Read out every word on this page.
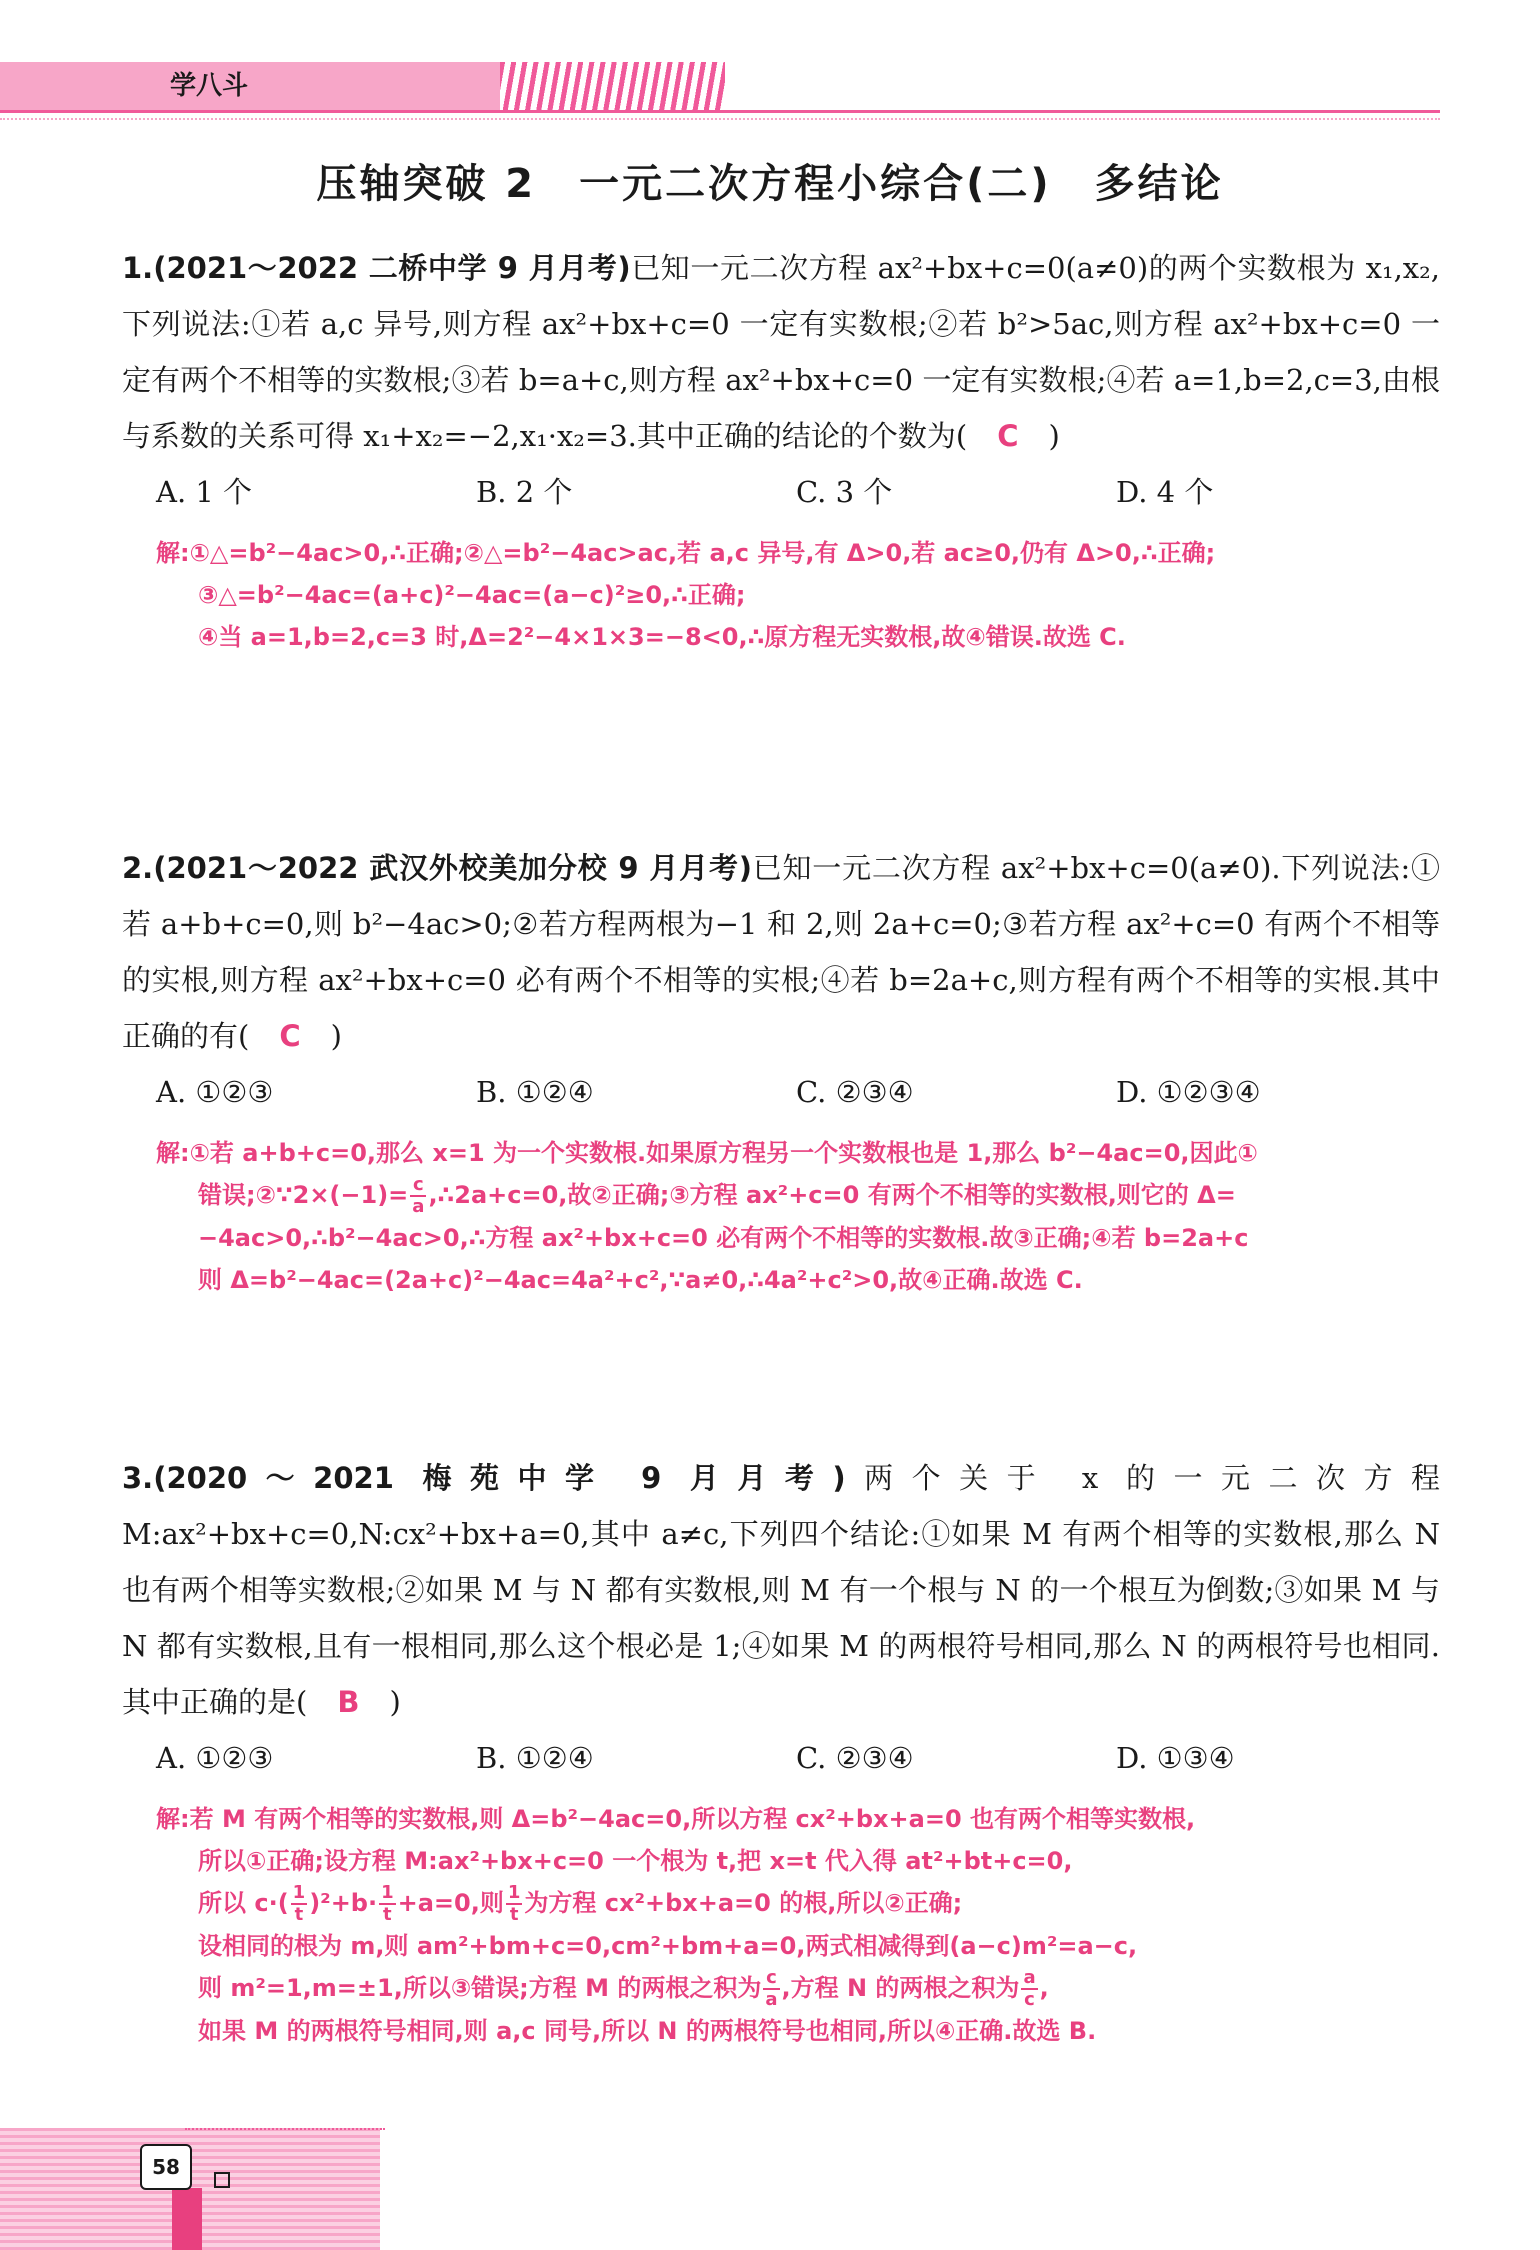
学八斗
压轴突破 2　一元二次方程小综合(二)　多结论
1.(2021～2022 二桥中学 9 月月考)已知一元二次方程 ax²+bx+c=0(a≠0)的两个实数根为 x₁,x₂,下列说法:①若 a,c 异号,则方程 ax²+bx+c=0 一定有实数根;②若 b²>5ac,则方程 ax²+bx+c=0 一定有两个不相等的实数根;③若 b=a+c,则方程 ax²+bx+c=0 一定有实数根;④若 a=1,b=2,c=3,由根与系数的关系可得 x₁+x₂=−2,x₁·x₂=3.其中正确的结论的个数为( C )
A. 1 个	B. 2 个	C. 3 个	D. 4 个

解:①△=b²−4ac>0,∴正确;②△=b²−4ac>ac,若 a,c 异号,有 Δ>0,若 ac≥0,仍有 Δ>0,∴正确;

③△=b²−4ac=(a+c)²−4ac=(a−c)²≥0,∴正确;

④当 a=1,b=2,c=3 时,Δ=2²−4×1×3=−8<0,∴原方程无实数根,故④错误.故选 C.

2.(2021～2022 武汉外校美加分校 9 月月考)已知一元二次方程 ax²+bx+c=0(a≠0).下列说法:①若 a+b+c=0,则 b²−4ac>0;②若方程两根为−1 和 2,则 2a+c=0;③若方程 ax²+c=0 有两个不相等的实根,则方程 ax²+bx+c=0 必有两个不相等的实根;④若 b=2a+c,则方程有两个不相等的实根.其中正确的有( C )
A. ①②③	B. ①②④	C. ②③④	D. ①②③④

解:①若 a+b+c=0,那么 x=1 为一个实数根.如果原方程另一个实数根也是 1,那么 b²−4ac=0,因此①

错误;②∵2×(−1)= $\frac{c}{a}$ ,∴2a+c=0,故②正确;③方程 ax²+c=0 有两个不相等的实数根,则它的 Δ=

−4ac>0,∴b²−4ac>0,∴方程 ax²+bx+c=0 必有两个不相等的实数根.故③正确;④若 b=2a+c

则 Δ=b²−4ac=(2a+c)²−4ac=4a²+c²,∵a≠0,∴4a²+c²>0,故④正确.故选 C.

3.(2020～2021 梅苑中学 9 月月考)两个关于 x 的一元二次方程 M:ax²+bx+c=0,N:cx²+bx+a=0,其中 a≠c,下列四个结论:①如果 M 有两个相等的实数根,那么 N 也有两个相等实数根;②如果 M 与 N 都有实数根,则 M 有一个根与 N 的一个根互为倒数;③如果 M 与 N 都有实数根,且有一根相同,那么这个根必是 1;④如果 M 的两根符号相同,那么 N 的两根符号也相同.其中正确的是( B )
A. ①②③	B. ①②④	C. ②③④	D. ①③④

解:若 M 有两个相等的实数根,则 Δ=b²−4ac=0,所以方程 cx²+bx+a=0 也有两个相等实数根,

所以①正确;设方程 M:ax²+bx+c=0 一个根为 t,把 x=t 代入得 at²+bt+c=0,

所以 $c\cdot( \frac{1}{t} )^2+b\cdot \frac{1}{t} +a=0$,则 $\frac{1}{t}$ 为方程 cx²+bx+a=0 的根,所以②正确;

设相同的根为 m,则 am²+bm+c=0,cm²+bm+a=0,两式相减得到(a−c)m²=a−c,

则 m²=1,m=±1,所以③错误;方程 M 的两根之积为 $\frac{c}{a}$ ,方程 N 的两根之积为 $\frac{a}{c}$ ,

如果 M 的两根符号相同,则 a,c 同号,所以 N 的两根符号也相同,所以④正确.故选 B.

58
